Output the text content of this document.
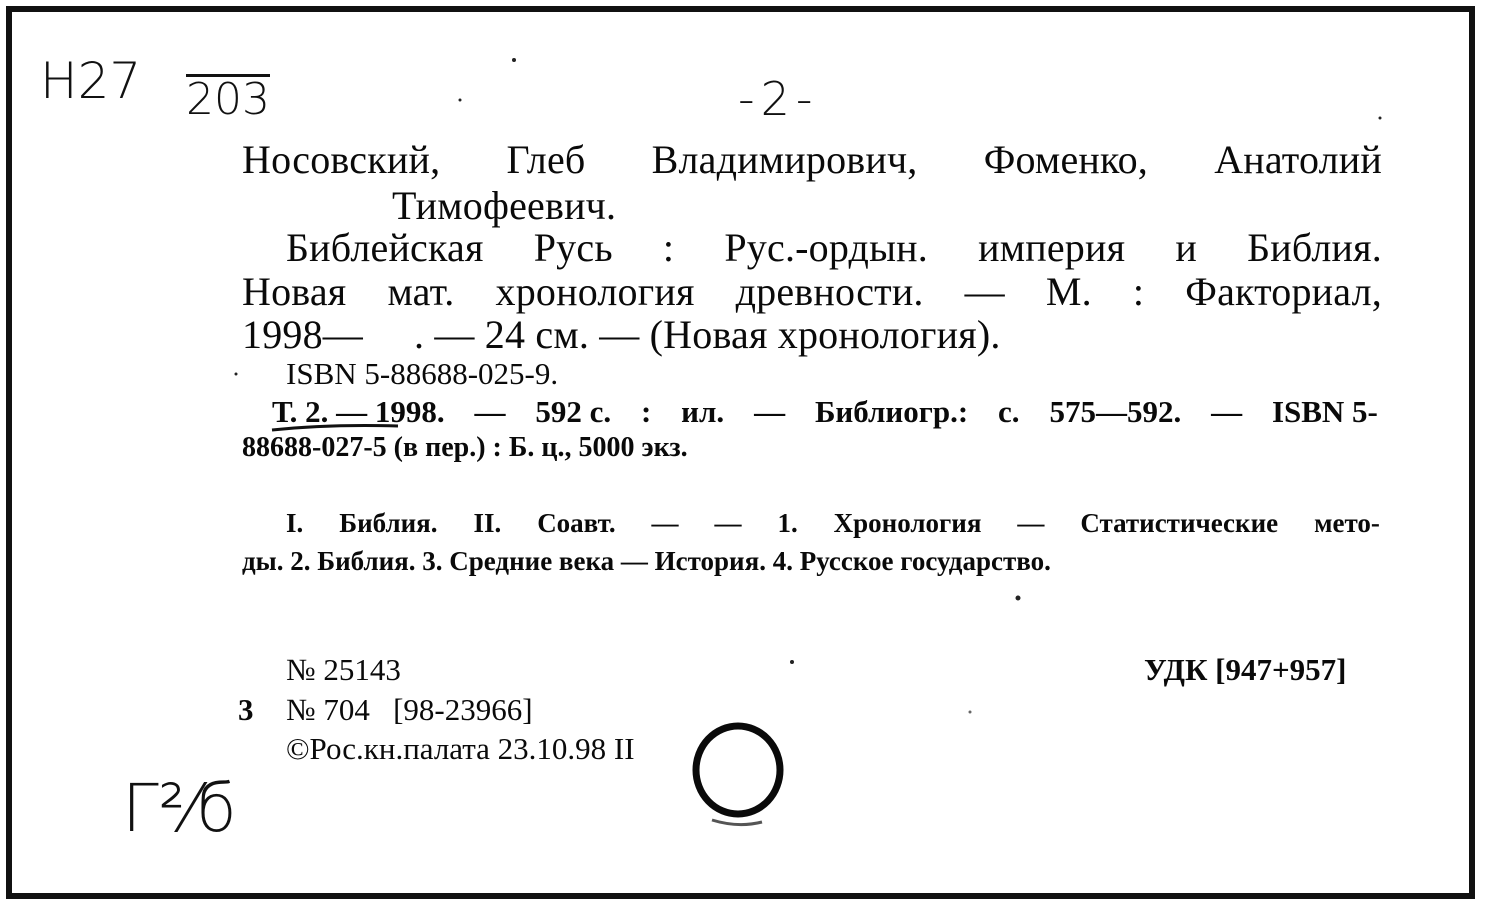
H27 203	-2-
Г²⁄б
Носовский, Глеб Владимирович, Фоменко, Анатолий
Тимофеевич.
Библейская Русь : Рус.-ордын. империя и Библия.
Новая мат. хронология древности. — М. : Факториал,
1998—     . — 24 см. — (Новая хронология).
ISBN 5-88688-025-9.
Т. 2. — 1998. — 592 с. : ил. — Библиогр.: с. 575—592. — ISBN 5-
88688-027-5 (в пер.) : Б. ц., 5000 экз.
I. Библия. II. Соавт. — — 1. Хронология — Статистические мето-
ды. 2. Библия. 3. Средние века — История. 4. Русское государство.
№ 25143	УДК [947+957]
3 № 704   [98-23966]
©Рос.кн.палата 23.10.98 II
